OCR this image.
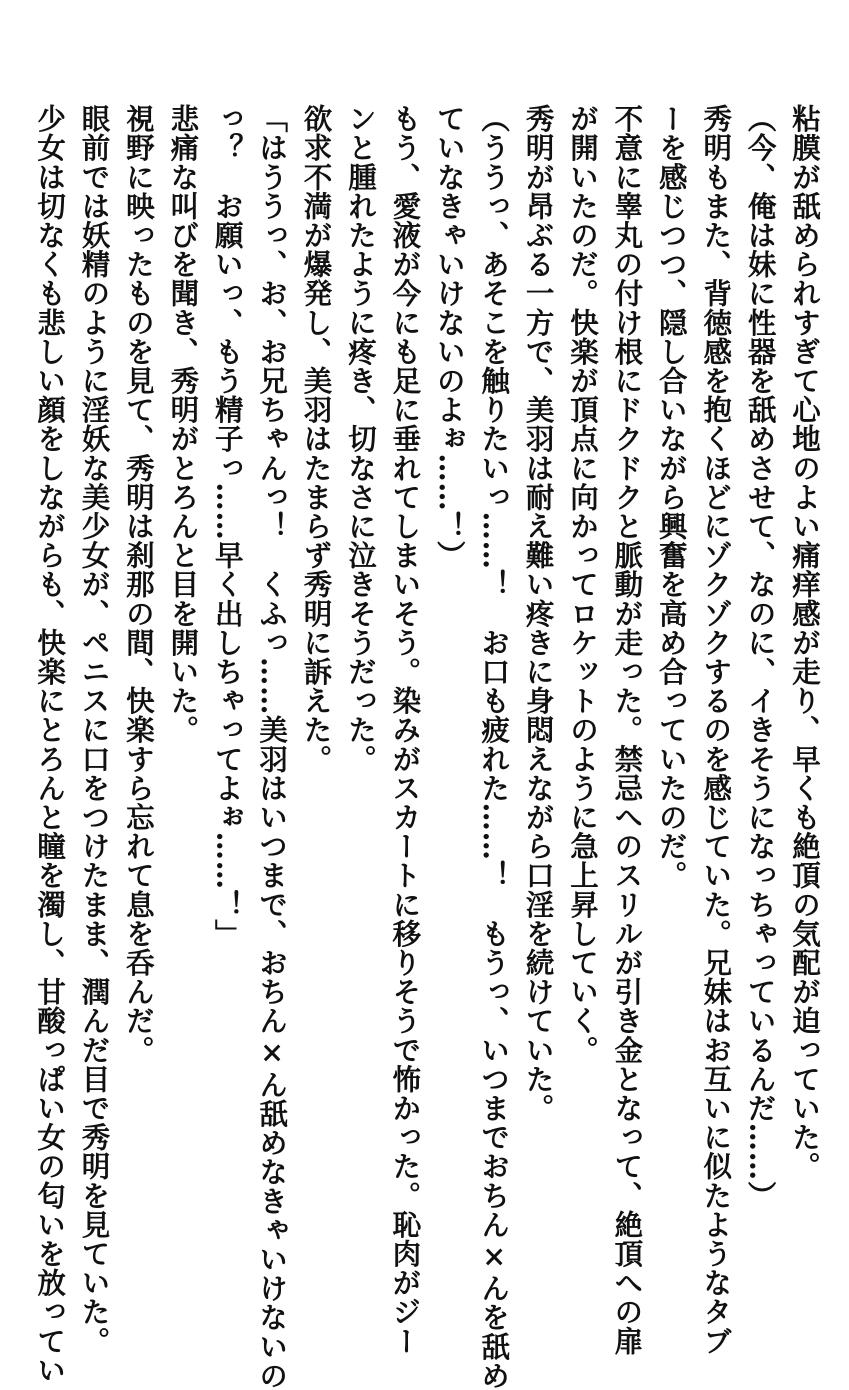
粘膜が舐められすぎて心地のよい痛痒感が走り、早くも絶頂の気配が迫っていた。

（今、俺は妹に性器を舐めさせて、なのに、イきそうになっちゃっているんだ……）

秀明もまた、背徳感を抱くほどにゾクゾクするのを感じていた。兄妹はお互いに似たようなタブ

ーを感じつつ、隠し合いながら興奮を高め合っていたのだ。

不意に睾丸の付け根にドクドクと脈動が走った。禁忌へのスリルが引き金となって、絶頂への扉

が開いたのだ。快楽が頂点に向かってロケットのように急上昇していく。

秀明が昂ぶる一方で、美羽は耐え難い疼きに身悶えながら口淫を続けていた。

（ううっ、あそこを触りたいっ……！　お口も疲れた……！　もうっ、いつまでおちん×んを舐め

ていなきゃいけないのよぉ……！）

もう、愛液が今にも足に垂れてしまいそう。染みがスカートに移りそうで怖かった。恥肉がジー

ンと腫れたように疼き、切なさに泣きそうだった。

欲求不満が爆発し、美羽はたまらず秀明に訴えた。

「はううっ、お、お兄ちゃんっ！　くふっ……美羽はいつまで、おちん×ん舐めなきゃいけないの

っ？　お願いっ、もう精子っ……早く出しちゃってよぉ……！」

悲痛な叫びを聞き、秀明がとろんと目を開いた。

視野に映ったものを見て、秀明は刹那の間、快楽すら忘れて息を呑んだ。

眼前では妖精のように淫妖な美少女が、ペニスに口をつけたまま、潤んだ目で秀明を見ていた。

少女は切なくも悲しい顔をしながらも、快楽にとろんと瞳を濁し、甘酸っぱい女の匂いを放ってい
